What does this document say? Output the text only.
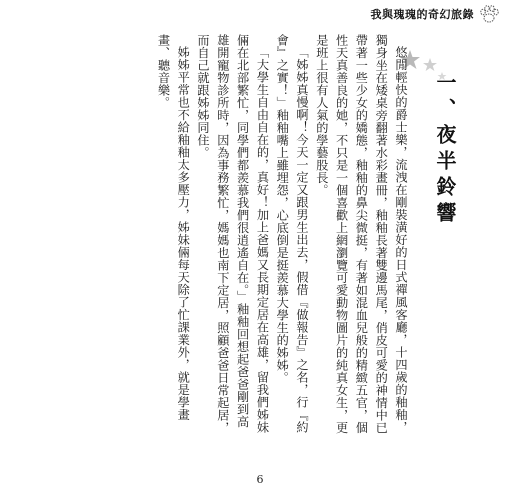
我與瑰瑰的奇幻旅錄
一、夜半鈴響

悠閒輕快的爵士樂，流洩在剛裝潢好的日式禪風客廳，十四歲的釉釉，獨身坐在矮桌旁翻著水彩畫冊，釉釉長著雙邊馬尾，俏皮可愛的神情中已帶著一些少女的嬌態，釉釉的鼻尖微挺，有著如混血兒般的精緻五官，個性天真善良的她，不只是一個喜歡上網瀏覽可愛動物圖片的純真女生，更是班上很有人氣的學藝股長。

「姊姊真慢啊！今天一定又跟男生出去，假借『做報告』之名，行『約會』之實！」釉釉嘴上雖埋怨，心底倒是挺羨慕大學生的姊姊。

「大學生自由自在的，真好！加上爸媽又長期定居在高雄，留我們姊妹倆在北部繁忙，同學們都羨慕我們很逍遙自在。」釉釉回想起爸爸剛到高雄開寵物診所時，因為事務繁忙，媽媽也南下定居，照顧爸爸日常起居，而自己就跟姊姊同住。

姊姊平常也不給釉釉太多壓力，姊妹倆每天除了忙課業外，就是學畫畫、聽音樂。

6
